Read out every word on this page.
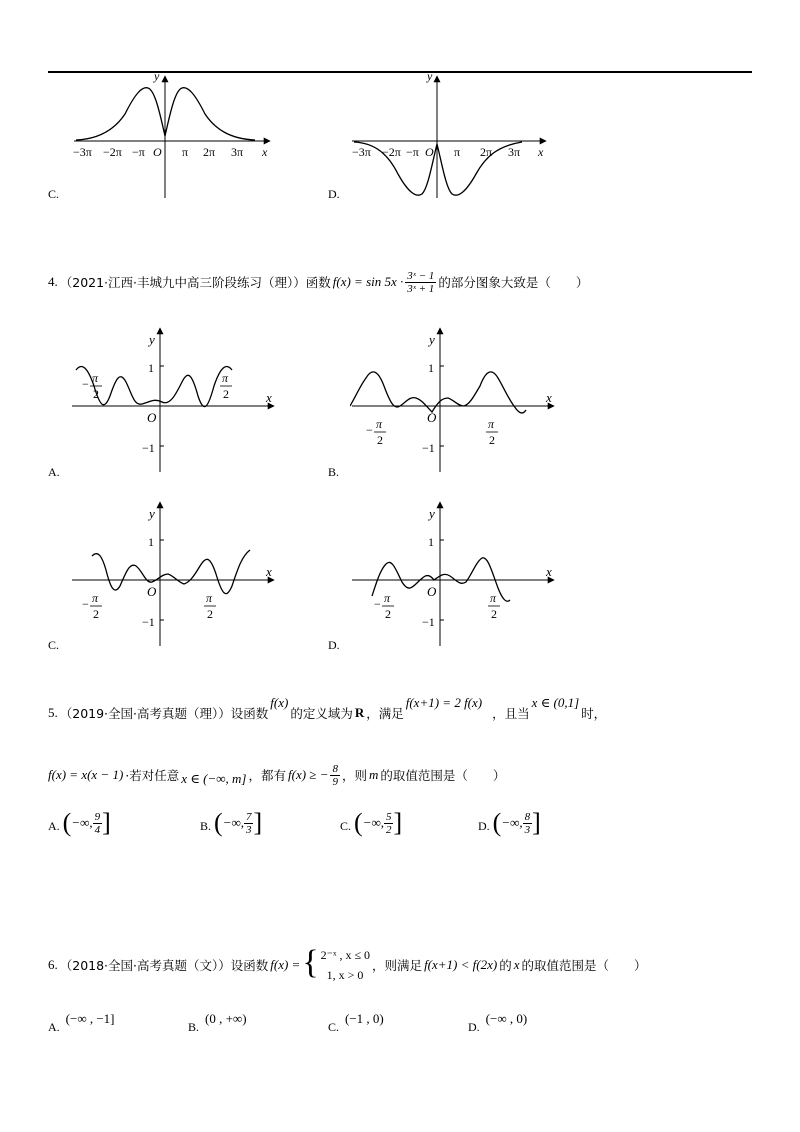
y
x
O
−3π −2π −π	π 2π 3π
C.
y
x
O
−3π −2π −π	π 2π 3π
D.
4. （2021·江西·丰城九中高三阶段练习（理））函数 $f(x) = \sin 5x \cdot \frac{\text{3ˣ − 1}}{\text{3ˣ + 1}}$ 的部分图象大致是（　　）
y
x
O
1
−1
− π
2
π
2
A.
y
x
O
1
−1
− π
2
π
2
B.
y
x
O
1
−1
− π
2
π
2
C.
y
x
O
1
−1
− π
2
π
2
D.
5. （2019·全国·高考真题（理））设函数
f(x)
的定义域为 R ，满足
f(x+1) = 2 f(x)
，且当
x ∈ (0,1]
时，
f(x) = x(x − 1) ·若对任意 x ∈ (−∞, m] ，都有 f(x) ≥ − $\frac{8}{9}$ ，则 m 的取值范围是（　　）
A. ( −∞, $\frac{9}{4}$ ]	B. ( −∞, $\frac{7}{3}$ ]	C. ( −∞, $\frac{5}{2}$ ]	D. ( −∞, $\frac{8}{3}$ ]
6. （2018·全国·高考真题（文））设函数 f(x) = { 2⁻ˣ , x ≤ 0
1, x > 0
，则满足 f(x+1) < f(2x) 的 x 的取值范围是（　　）
A.
(−∞ , −1]
B.
(0 , +∞)
C.
(−1 , 0)
D.
(−∞ , 0)
